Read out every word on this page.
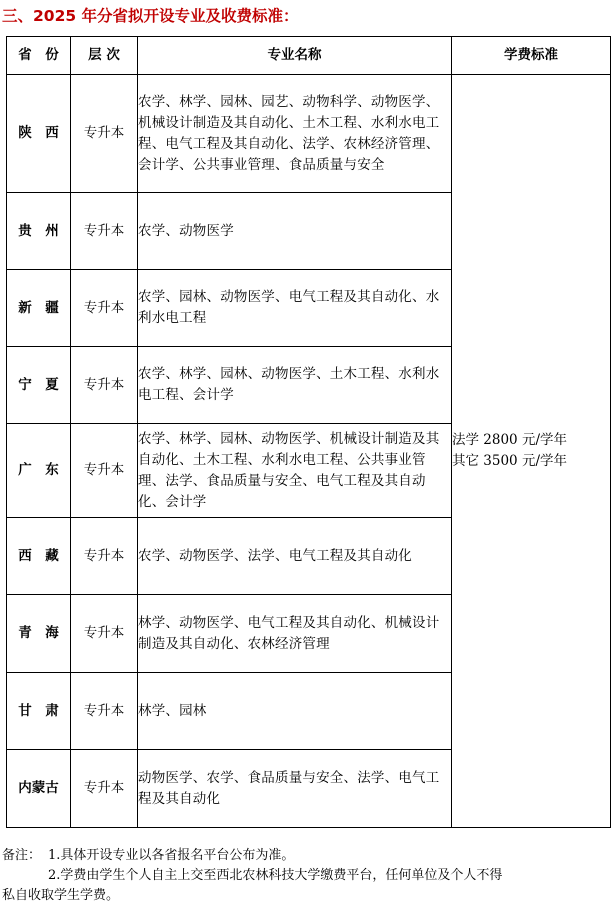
三、2025 年分省拟开设专业及收费标准：
省　份	层 次	专业名称	学费标准
陕　西	专升本	农学、林学、园林、园艺、动物科学、动物医学、机械设计制造及其自动化、土木工程、水利水电工程、电气工程及其自动化、法学、农林经济管理、会计学、公共事业管理、食品质量与安全	法学 2800 元/学年
其它 3500 元/学年

贵　州	专升本	农学、动物医学	
新　疆	专升本	农学、园林、动物医学、电气工程及其自动化、水利水电工程	
宁　夏	专升本	农学、林学、园林、动物医学、土木工程、水利水电工程、会计学	
广　东	专升本	农学、林学、园林、动物医学、机械设计制造及其自动化、土木工程、水利水电工程、公共事业管理、法学、食品质量与安全、电气工程及其自动化、会计学	
西　藏	专升本	农学、动物医学、法学、电气工程及其自动化	
青　海	专升本	林学、动物医学、电气工程及其自动化、机械设计制造及其自动化、农林经济管理	
甘　肃	专升本	林学、园林	
内蒙古	专升本	动物医学、农学、食品质量与安全、法学、电气工程及其自动化	
备注： 1.具体开设专业以各省报名平台公布为准。
2.学费由学生个人自主上交至西北农林科技大学缴费平台，任何单位及个人不得
私自收取学生学费。
